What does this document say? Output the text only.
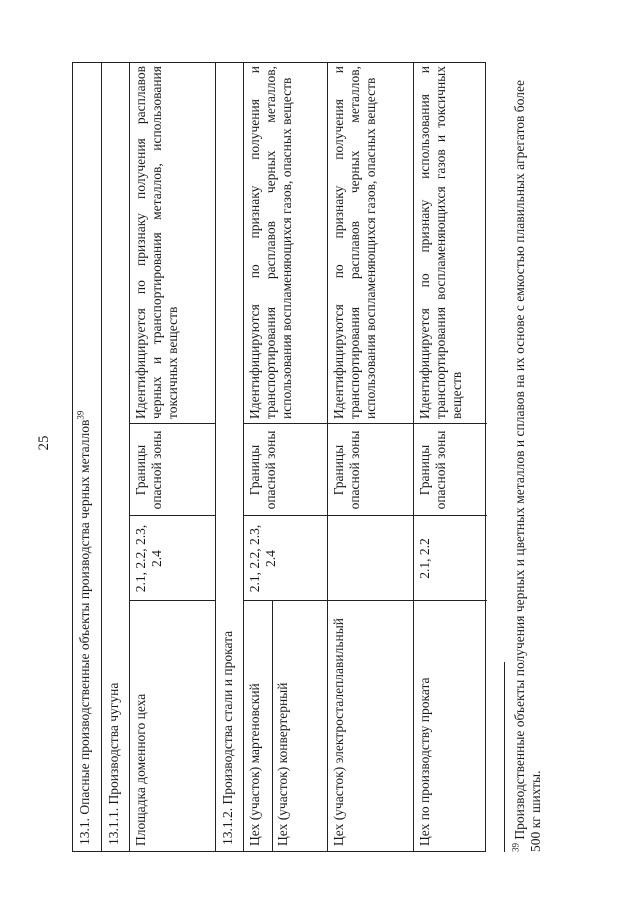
25 13.1. Опасные производственные объекты производства черных металлов$^{39}$
13.1.1. Производства чугуна Площадка доменного цеха
2.1, 2.2, 2.3, 2.4
Границы опасной зоны
Идентифицируется по признаку получения расплавов черных и транспортирования металлов, использования токсичных веществ
13.1.2. Производства стали и проката Цех (участок) мартеновский Цех (участок) конвертерный
2.1, 2.2, 2.3, 2.4
Границы опасной зоны
Идентифицируются по признаку получения и транспортирования расплавов черных металлов, использования воспламеняющихся газов, опасных веществ
Цех (участок) электросталеплавильный
Границы опасной зоны
Идентифицируются по признаку получения и транспортирования расплавов черных металлов, использования воспламеняющихся газов, опасных веществ
Цех по производству проката
2.1, 2.2
Границы опасной зоны
Идентифицируется по признаку использования и транспортирования воспламеняющихся газов и токсичных веществ
$^{39}$ Производственные объекты получения черных и цветных металлов и сплавов на их основе с емкостью плавильных агрегатов более 500 кг шихты.
